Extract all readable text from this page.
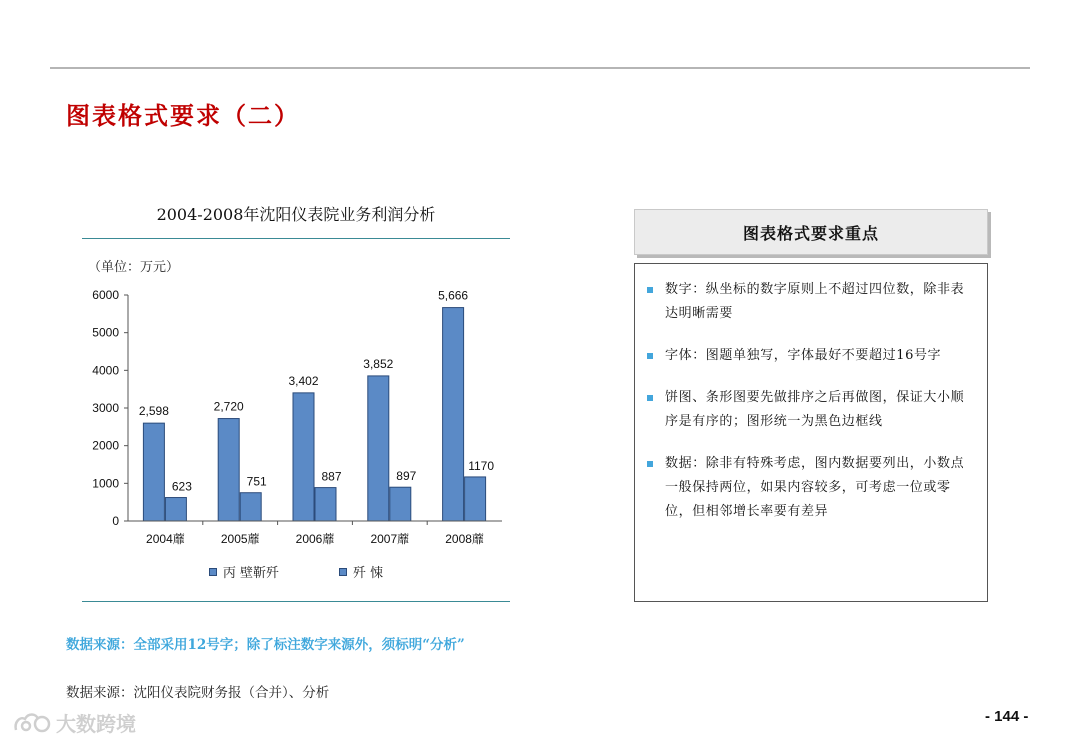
图表格式要求（二）
2004-2008年沈阳仪表院业务利润分析
（单位：万元）
0
1000
2000
3000
4000
5000
6000
2,598
623
2,720
751
3,402
887
3,852
897
5,666
1170
2004蘼	2005蘼	2006蘼	2007蘼	2008蘼
丙 壁靳歼	歼 悚
图表格式要求重点
数字：纵坐标的数字原则上不超过四位数，除非表达明晰需要
字体：图题单独写，字体最好不要超过16号字
饼图、条形图要先做排序之后再做图，保证大小顺序是有序的；图形统一为黑色边框线
数据：除非有特殊考虑，图内数据要列出，小数点一般保持两位，如果内容较多，可考虑一位或零位，但相邻增长率要有差异
数据来源：全部采用12号字；除了标注数字来源外，须标明“分析”
数据来源：沈阳仪表院财务报（合并）、分析
- 144 -
大数跨境
